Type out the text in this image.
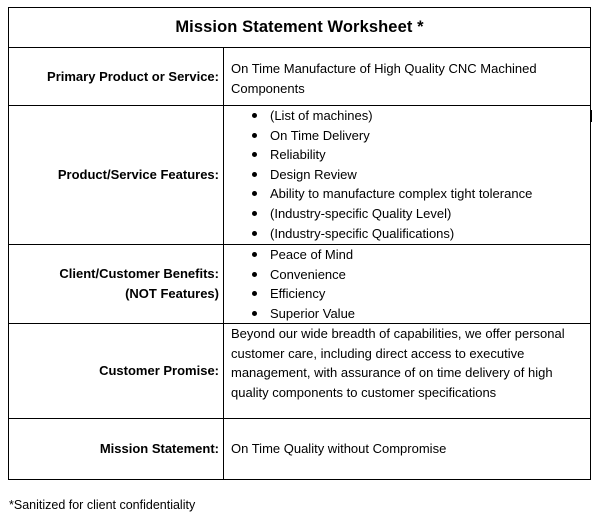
Mission Statement Worksheet *
Primary Product or Service: On Time Manufacture of High Quality CNC Machined Components
Product/Service Features:
(List of machines)
On Time Delivery
Reliability
Design Review
Ability to manufacture complex tight tolerance
(Industry-specific Quality Level)
(Industry-specific Qualifications)
Client/Customer Benefits:
(NOT Features)
Peace of Mind
Convenience
Efficiency
Superior Value
Customer Promise:
Beyond our wide breadth of capabilities, we offer personal customer care, including direct access to executive management, with assurance of on time delivery of high quality components to customer specifications
Mission Statement: On Time Quality without Compromise
*Sanitized for client confidentiality
